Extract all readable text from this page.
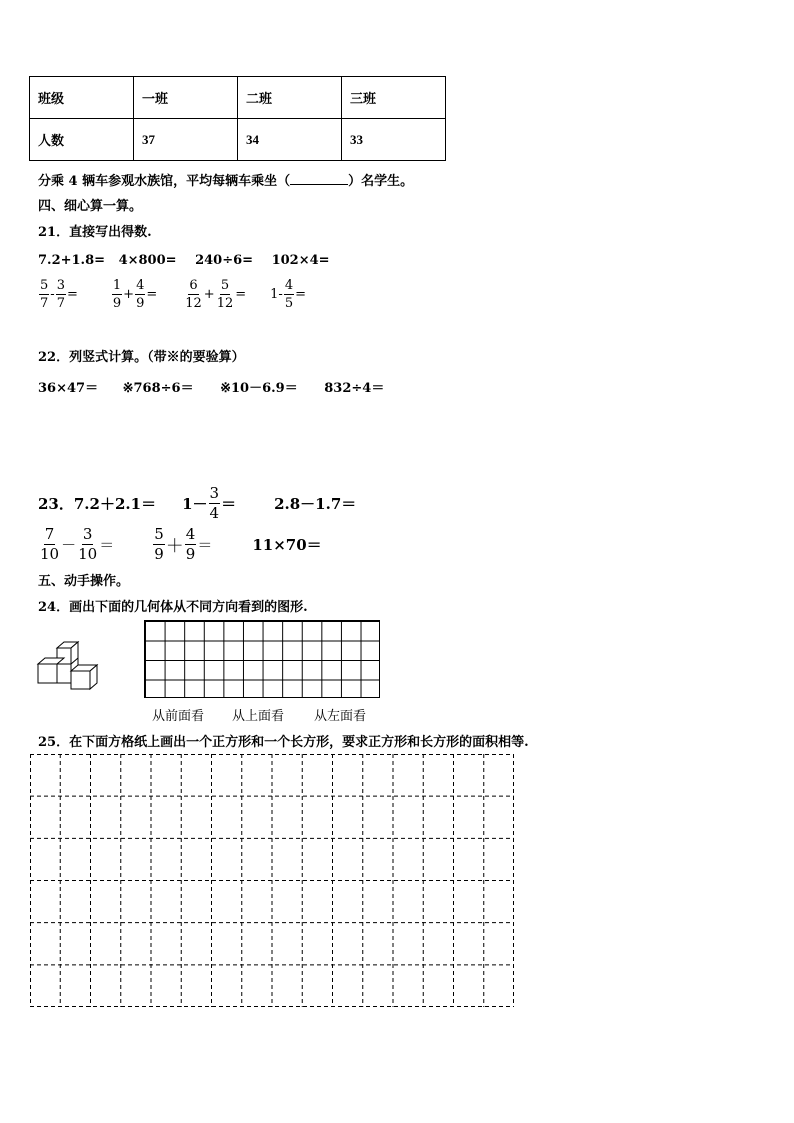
班级	一班	二班	三班
人数	37	34	33
分乘 4 辆车参观水族馆，平均每辆车乘坐（	）名学生。
四、细心算一算。
21．直接写出得数.
7.2+1.8= 4×800= 240÷6= 102×4=
$\frac{5}{7} - \frac{3}{7}$ =	$\frac{1}{9} + \frac{4}{9} = \frac{6}{12} + \frac{5}{12} = 1- \frac{4}{5}$ =
22．列竖式计算。（带※的要验算）
36×47＝ ※768÷6＝ ※10－6.9＝ 832÷4＝
23． $7.2+2.1= 1- \frac{3}{4}$ ＝	2.8－1.7＝
$\frac{7}{10} - \frac{3}{10}$ ＝	$\frac{5}{9} + \frac{4}{9}$ ＝	11×70＝
五、动手操作。
24．画出下面的几何体从不同方向看到的图形.
从前面看 从上面看 从左面看
25．在下面方格纸上画出一个正方形和一个长方形，要求正方形和长方形的面积相等.
